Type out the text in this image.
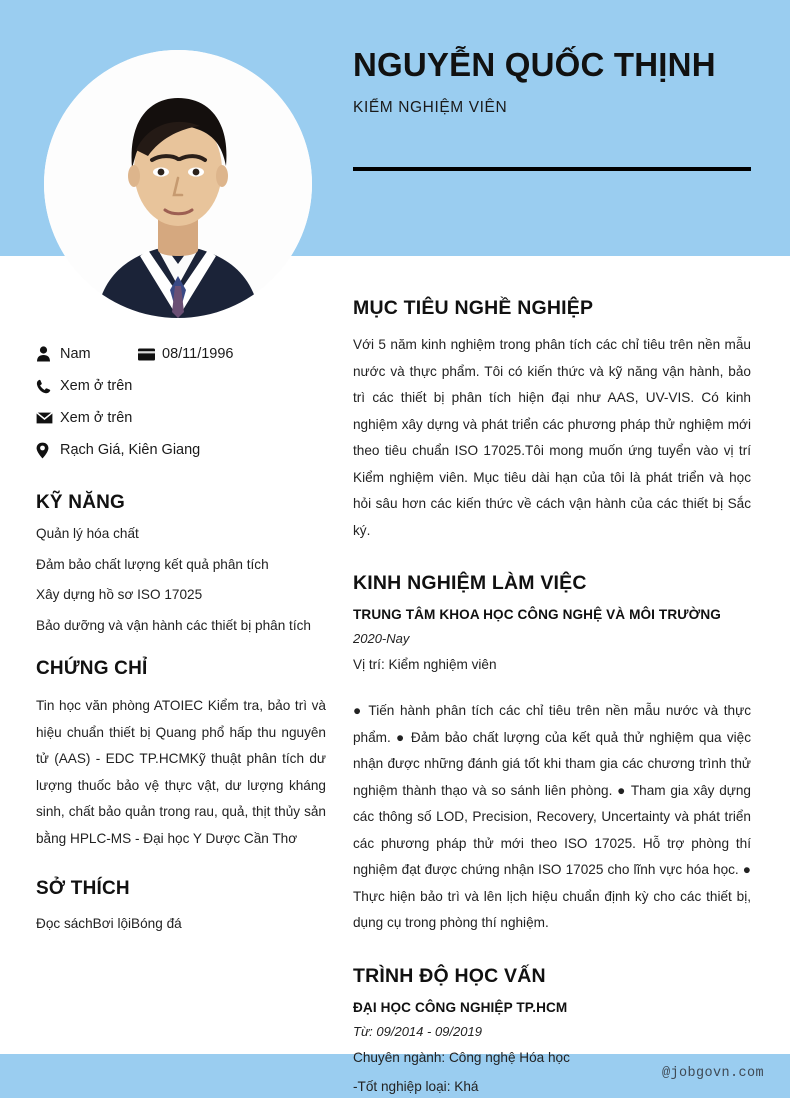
NGUYỄN QUỐC THỊNH
KIỂM NGHIỆM VIÊN
Nam	08/11/1996
Xem ở trên
Xem ở trên
Rạch Giá, Kiên Giang
KỸ NĂNG
Quản lý hóa chất
Đảm bảo chất lượng kết quả phân tích
Xây dựng hồ sơ ISO 17025
Bảo dưỡng và vận hành các thiết bị phân tích
CHỨNG CHỈ
Tin học văn phòng ATOIEC Kiểm tra, bảo trì và hiệu chuẩn thiết bị Quang phổ hấp thu nguyên tử (AAS) - EDC TP.HCMKỹ thuật phân tích dư lượng thuốc bảo vệ thực vật, dư lượng kháng sinh, chất bảo quản trong rau, quả, thịt thủy sản bằng HPLC-MS - Đại học Y Dược Cần Thơ
SỞ THÍCH
Đọc sáchBơi lộiBóng đá
MỤC TIÊU NGHỀ NGHIỆP
Với 5 năm kinh nghiệm trong phân tích các chỉ tiêu trên nền mẫu nước và thực phẩm. Tôi có kiến thức và kỹ năng vận hành, bảo trì các thiết bị phân tích hiện đại như AAS, UV-VIS. Có kinh nghiệm xây dựng và phát triển các phương pháp thử nghiệm mới theo tiêu chuẩn ISO 17025.Tôi mong muốn ứng tuyển vào vị trí Kiểm nghiệm viên. Mục tiêu dài hạn của tôi là phát triển và học hỏi sâu hơn các kiến thức về cách vận hành của các thiết bị Sắc ký.
KINH NGHIỆM LÀM VIỆC
TRUNG TÂM KHOA HỌC CÔNG NGHỆ VÀ MÔI TRƯỜNG
2020-Nay
Vị trí: Kiểm nghiệm viên
● Tiến hành phân tích các chỉ tiêu trên nền mẫu nước và thực phẩm. ● Đảm bảo chất lượng của kết quả thử nghiệm qua việc nhận được những đánh giá tốt khi tham gia các chương trình thử nghiệm thành thạo và so sánh liên phòng. ● Tham gia xây dựng các thông số LOD, Precision, Recovery, Uncertainty và phát triển các phương pháp thử mới theo ISO 17025. Hỗ trợ phòng thí nghiệm đạt được chứng nhận ISO 17025 cho lĩnh vực hóa học. ● Thực hiện bảo trì và lên lịch hiệu chuẩn định kỳ cho các thiết bị, dụng cụ trong phòng thí nghiệm.
TRÌNH ĐỘ HỌC VẤN
ĐẠI HỌC CÔNG NGHIỆP TP.HCM
Từ: 09/2014 - 09/2019
Chuyên ngành: Công nghệ Hóa học
-Tốt nghiệp loại: Khá
@jobgovn.com
